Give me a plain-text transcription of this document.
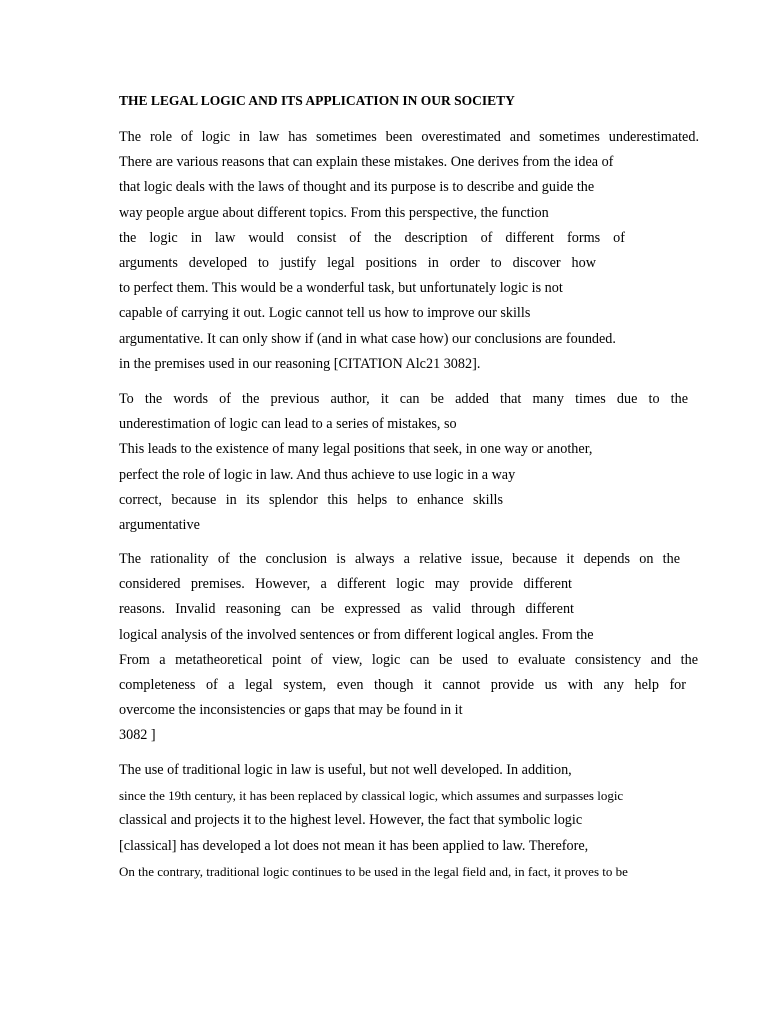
THE LEGAL LOGIC AND ITS APPLICATION IN OUR SOCIETY
The role of logic in law has sometimes been overestimated and sometimes underestimated.
There are various reasons that can explain these mistakes. One derives from the idea of
that logic deals with the laws of thought and its purpose is to describe and guide the
way people argue about different topics. From this perspective, the function
the logic in law would consist of the description of different forms of
arguments developed to justify legal positions in order to discover how
to perfect them. This would be a wonderful task, but unfortunately logic is not
capable of carrying it out. Logic cannot tell us how to improve our skills
argumentative. It can only show if (and in what case how) our conclusions are founded.
in the premises used in our reasoning [CITATION Alc21 3082].
To the words of the previous author, it can be added that many times due to the
underestimation of logic can lead to a series of mistakes, so
This leads to the existence of many legal positions that seek, in one way or another,
perfect the role of logic in law. And thus achieve to use logic in a way
correct, because in its splendor this helps to enhance skills
argumentative
The rationality of the conclusion is always a relative issue, because it depends on the
considered premises. However, a different logic may provide different
reasons. Invalid reasoning can be expressed as valid through different
logical analysis of the involved sentences or from different logical angles. From the
From a metatheoretical point of view, logic can be used to evaluate consistency and the
completeness of a legal system, even though it cannot provide us with any help for
overcome the inconsistencies or gaps that may be found in it
3082 ]
The use of traditional logic in law is useful, but not well developed. In addition,
since the 19th century, it has been replaced by classical logic, which assumes and surpasses logic
classical and projects it to the highest level. However, the fact that symbolic logic
[classical] has developed a lot does not mean it has been applied to law. Therefore,
On the contrary, traditional logic continues to be used in the legal field and, in fact, it proves to be
